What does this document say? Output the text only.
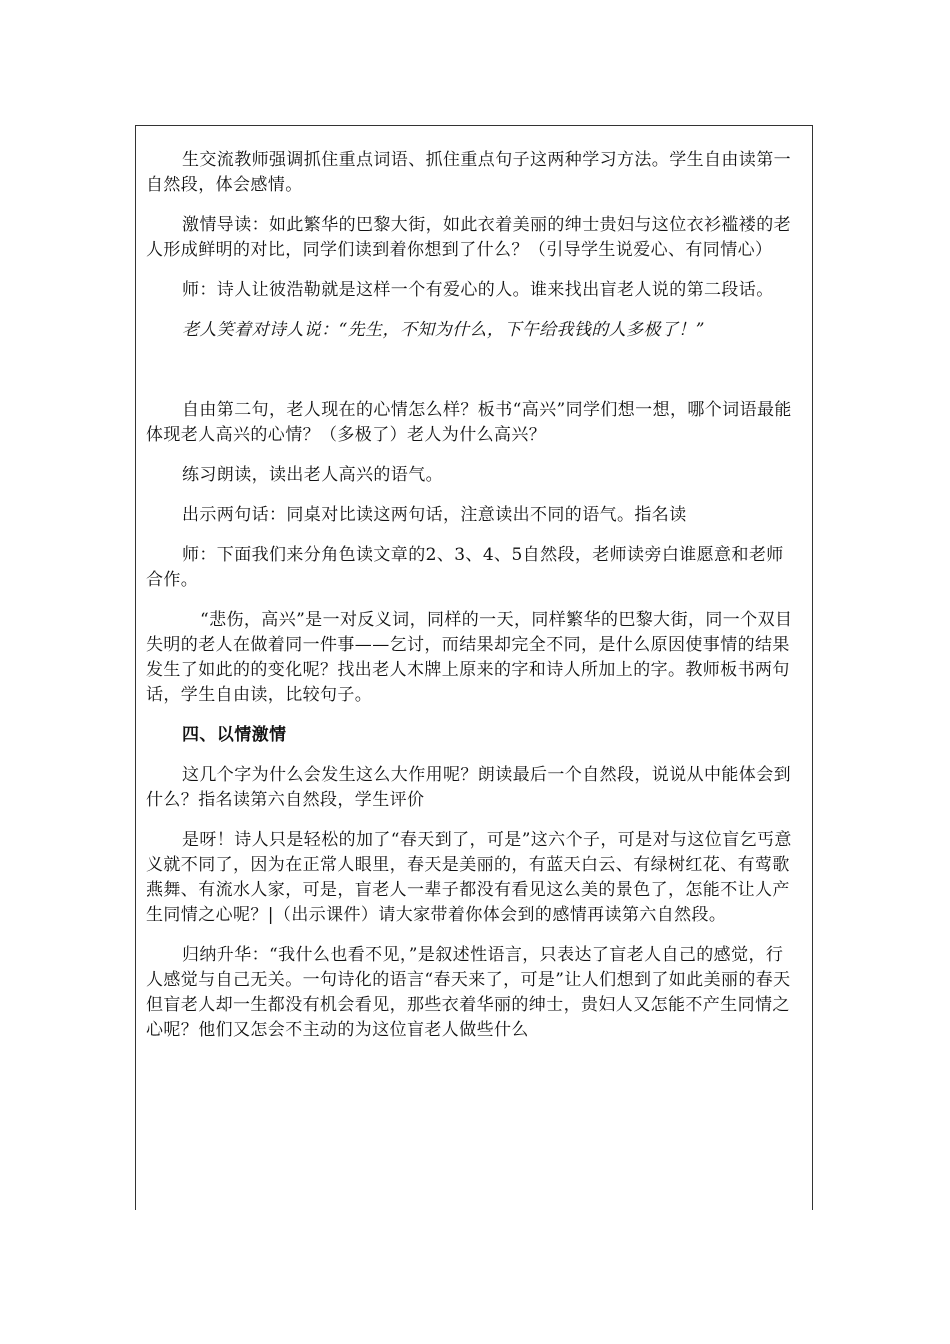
生交流教师强调抓住重点词语、抓住重点句子这两种学习方法。学生自由读第一自然段，体会感情。

激情导读：如此繁华的巴黎大街，如此衣着美丽的绅士贵妇与这位衣衫褴褛的老人形成鲜明的对比，同学们读到着你想到了什么？（引导学生说爱心、有同情心）

师：诗人让彼浩勒就是这样一个有爱心的人。谁来找出盲老人说的第二段话。

老人笑着对诗人说：“先生，不知为什么，下午给我钱的人多极了！”

自由第二句，老人现在的心情怎么样？板书“高兴”同学们想一想，哪个词语最能体现老人高兴的心情？（多极了）老人为什么高兴？

练习朗读，读出老人高兴的语气。

出示两句话：同桌对比读这两句话，注意读出不同的语气。指名读

师：下面我们来分角色读文章的2、3、4、5自然段，老师读旁白谁愿意和老师合作。

“悲伤，高兴”是一对反义词，同样的一天，同样繁华的巴黎大街，同一个双目失明的老人在做着同一件事——乞讨，而结果却完全不同，是什么原因使事情的结果发生了如此的的变化呢？找出老人木牌上原来的字和诗人所加上的字。教师板书两句话，学生自由读，比较句子。

四、以情激情

这几个字为什么会发生这么大作用呢？朗读最后一个自然段，说说从中能体会到什么？指名读第六自然段，学生评价

是呀！诗人只是轻松的加了“春天到了，可是”这六个子，可是对与这位盲乞丐意义就不同了，因为在正常人眼里，春天是美丽的，有蓝天白云、有绿树红花、有莺歌燕舞、有流水人家，可是，盲老人一辈子都没有看见这么美的景色了，怎能不让人产生同情之心呢？|（出示课件）请大家带着你体会到的感情再读第六自然段。

归纳升华：“我什么也看不见，”是叙述性语言，只表达了盲老人自己的感觉，行人感觉与自己无关。一句诗化的语言“春天来了，可是”让人们想到了如此美丽的春天但盲老人却一生都没有机会看见，那些衣着华丽的绅士，贵妇人又怎能不产生同情之心呢？他们又怎会不主动的为这位盲老人做些什么
